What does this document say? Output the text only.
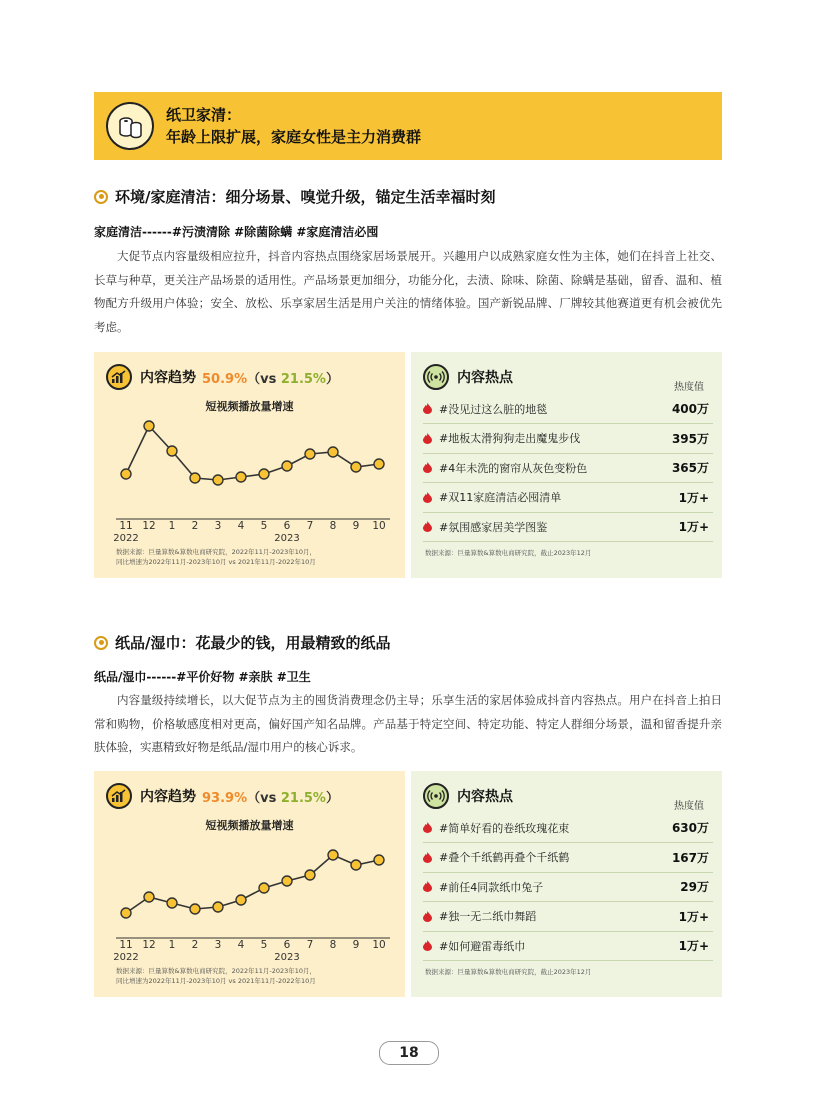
纸卫家清：
年龄上限扩展，家庭女性是主力消费群
环境/家庭清洁：细分场景、嗅觉升级，锚定生活幸福时刻
家庭清洁------#污渍清除 #除菌除螨 #家庭清洁必囤

大促节点内容量级相应拉升，抖音内容热点围绕家居场景展开。兴趣用户以成熟家庭女性为主体，她们在抖音上社交、长草与种草，更关注产品场景的适用性。产品场景更加细分，功能分化，去渍、除味、除菌、除螨是基础，留香、温和、植物配方升级用户体验；安全、放松、乐享家居生活是用户关注的情绪体验。国产新锐品牌、厂牌较其他赛道更有机会被优先考虑。

内容趋势 50.9%（vs 21.5%）
短视频播放量增速
11 12 1 2 3 4 5 6 7 8 9 10
2022	2023
数据来源：巨量算数&算数电商研究院，2022年11月-2023年10月，
同比增速为2022年11月-2023年10月 vs 2021年11月-2022年10月
内容热点
热度值
#没见过这么脏的地毯	400万
#地板太滑狗狗走出魔鬼步伐	395万
#4年未洗的窗帘从灰色变粉色	365万
#双11家庭清洁必囤清单	1万+
#氛围感家居美学图鉴	1万+
数据来源：巨量算数&算数电商研究院，截止2023年12月
纸品/湿巾：花最少的钱，用最精致的纸品
纸品/湿巾------#平价好物 #亲肤 #卫生

内容量级持续增长，以大促节点为主的囤货消费理念仍主导；乐享生活的家居体验成抖音内容热点。用户在抖音上拍日常和购物，价格敏感度相对更高，偏好国产知名品牌。产品基于特定空间、特定功能、特定人群细分场景，温和留香提升亲肤体验，实惠精致好物是纸品/湿巾用户的核心诉求。

内容趋势 93.9%（vs 21.5%）
短视频播放量增速
11 12 1 2 3 4 5 6 7 8 9 10
2022	2023
数据来源：巨量算数&算数电商研究院，2022年11月-2023年10月，
同比增速为2022年11月-2023年10月 vs 2021年11月-2022年10月
内容热点
热度值
#简单好看的卷纸玫瑰花束	630万
#叠个千纸鹤再叠个千纸鹤	167万
#前任4同款纸巾兔子	29万
#独一无二纸巾舞蹈	1万+
#如何避雷毒纸巾	1万+
数据来源：巨量算数&算数电商研究院，截止2023年12月
18
